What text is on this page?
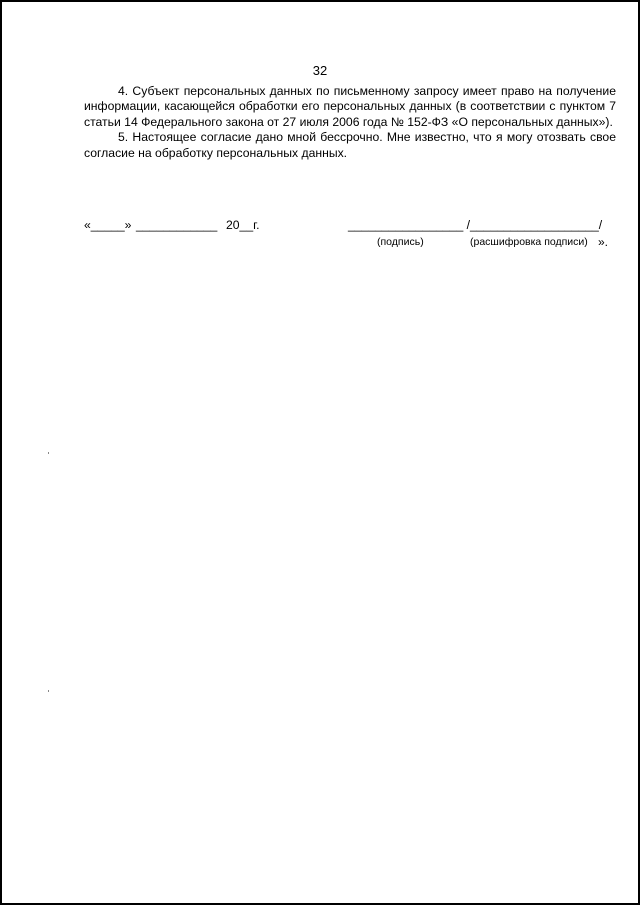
32

4. Субъект персональных данных по письменному запросу имеет право на получение информации, касающейся обработки его персональных данных (в соответствии с пунктом 7 статьи 14 Федерального закона от 27 июля 2006 года № 152-ФЗ «О персональных данных»).

5. Настоящее согласие дано мной бессрочно. Мне известно, что я могу отозвать свое согласие на обработку персональных данных.

«_____» ____________ 20__г.	_________________ /___________________/
(подпись)	(расшифровка подписи) ».
